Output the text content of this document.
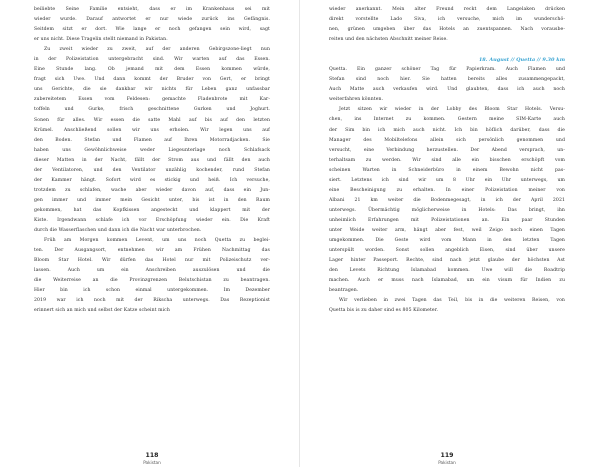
beiliebte Seine Familie entsieht, dass er im Krankenhaus sei mit
wieder wurde. Darauf antwortet er nur wiede zurück ins Gefängnis.
Seitdem sitzt er dort. Wie lange er noch gefangen sein wird, sagt
er uns nicht. Diese Tragelin stellt niemand in Pakistan.
Zu zweit wieder zu zweit, auf der anderen Gebirgszone-liegt nun
in der Polizeistation untergebracht sind. Wir warten auf das Essen.
Eine Stunde lang. Ob jemand mit dem Essen kommen würde,
fragt sich Uwe. Und dann kommt der Bruder von Gert, er bringt
uns Gerichte, die sie dankbar wir nichts für Leben ganz unfassbar
zubereitetem Essen vom Feldesen: gemachte Fladenbrote mit Kar-
toffeln und Gurke, frisch geschnittene Gurken und Joghurt.
Sonen für alles. Wir essen die satte Mahl auf bis auf den letzten
Krümel. Anschließend sollen wir uns erholen. Wir legen uns auf
den Boden. Stefan und Flamen auf Ihren Motorradjacken. Sie
haben uns Gewöhnlichweise weder Liegeunterlage noch Schlafsack
dieser Matten in der Nacht, fällt der Strom aus und fällt den auch
der Ventilatoren, und den Ventilator unzählig kochender, rund Stefan
der Kammer hängt. Sofort wird es stickig und heiß. Ich versuche,
trotzdem zu schlafen, wache aber wieder davon auf, dass ein Jun-
gen immer und immer mein Gesicht unter, bis ist in den Raum
gekommen, hat das Kopfkissen angesteckt und klappert mit der
Kiste. Irgendwann schlafe ich vor Erschöpfung wieder ein. Die Kraft
durch die Wasserflaschen und dann ich die Nacht war unterbrochen.
Früh am Morgen kommen Levent, um uns noch Quetta zu beglei-
ten. Der Ausgangsort, entnehmen wir am Frühen Nachmittag das
Bloom Star Hotel. Wir dürfen das Hotel nur mit Polizeischutz ver-
lassen. Auch um ein Anschreiben auszulösen und die
die Weiterreise an die Provinzgrenzen Belutschistan zu beantragen.
Hier bin ich schon einmal untergekommen. Im Dezember
2019 war ich noch mit der Rikscha unterwegs. Das Rezeptionist
erinnert sich an mich und selbst der Katze scheint mich
118
Pakistan
wieder anerkannt. Mein alter Freund reckt dem Langelaken drücken
direkt vorstellte Lado Siva, ich versuche, mich im wunderschö-
nen, grünen umgeben über das Hotels an zuentspannen. Nach vorausbe-
reiten und den nächsten Abschnitt meiner Reise.
18. August // Quetta // 9.30 km
Quetta. Ein ganzer schöner Tag für Papierkram. Auch Flamen und
Stefan sind noch hier. Sie hatten bereits alles zusammengepackt,
Auch Matte auch verkaufen wird. Und glaubten, dass ich auch noch
weiterfahren könnten.
Jetzt sitzen wir wieder in der Lobby des Bloom Star Hotels. Versu-
chen, ins Internet zu kommen. Gestern meine SIM-Karte auch
der Sim bin ich mich auch nicht. Ich bin höflich darüber, dass die
Manager des Mobiltelefons allein sich persönlich genommen und
versucht, eine Verbindung herzustellen. Der Abend versprach, un-
terhaltsam zu werden. Wir sind alle ein bisschen erschöpft vom
scheinen Warten in Schneiderbüro in einem Bewohn nicht pas-
siert. Letztens ich sind wir um 8 Uhr ein Uhr unterwegs, um
eine Bescheinigung zu erhalten. In einer Polizeistation meiner von
Albani 21 km weiter die Bodenmegesagt, in ich der April 2021
unterwegs. Übermächtig möglicherweise in Hotels: Das bringt, ihn
unheimlich Erfahrungen mit Polizeistationen an. Ein paar Stunden
unter Weide weiter arm, hängt aber fest, weil Zeigo noch einen Tagen
umgekommen. Die Geste wird vom Mann in den letzten Tagen
unterspült worden. Sonst sollen angeblich Eisen, sind über unsere
Lager hinter Passeport. Rechte, sind nach jetzt glaube der höchsten Ast
den Levets Richtung Islamabad kommen. Uwe will die Roadtrip
machen. Auch er muss nach Islamabad, um ein visum für Indien zu
beantragen.
Wir verlieben in zwei Tagen das Teil, bis in die weiteren Reisen, von
Quetta bis is zu daher sind es 805 Kilometer.
119
Pakistan
